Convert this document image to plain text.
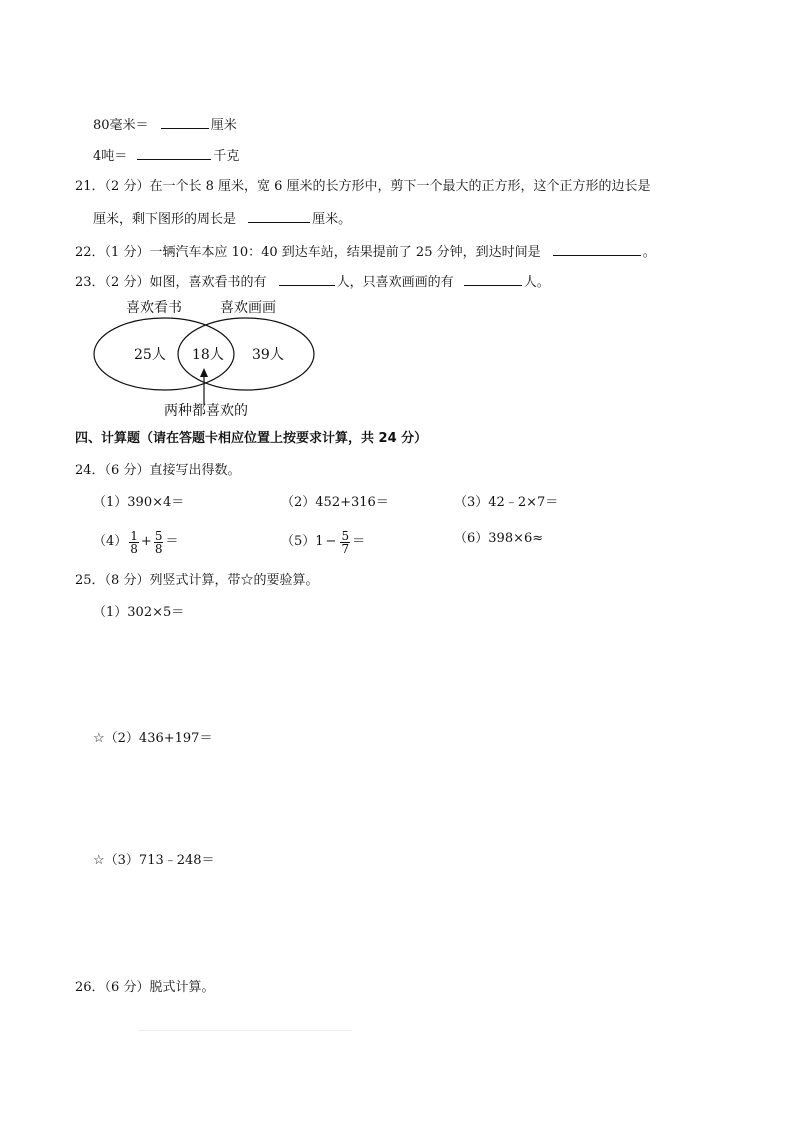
80毫米＝	厘米
4吨＝	千克
21．（2 分）在一个长 8 厘米，宽 6 厘米的长方形中，剪下一个最大的正方形，这个正方形的边长是
厘米，剩下图形的周长是	厘米。
22．（1 分）一辆汽车本应 10：40 到达车站，结果提前了 25 分钟，到达时间是	。
23．（2 分）如图，喜欢看书的有	人，只喜欢画画的有	人。
喜欢看书	喜欢画画
25人 18人 39人
两种都喜欢的
四、计算题（请在答题卡相应位置上按要求计算，共 24 分）
24．（6 分）直接写出得数。
（1）390×4＝	（2）452+316＝	（3）42﹣2×7＝
$(4) \frac{1}{8} + \frac{5}{8}$ ＝	$(5)1 - \frac{5}{7}$ ＝	（6）398×6≈
25．（8 分）列竖式计算，带☆的要验算。
（1）302×5＝
☆（2）436+197＝
☆（3）713﹣248＝
26．（6 分）脱式计算。
